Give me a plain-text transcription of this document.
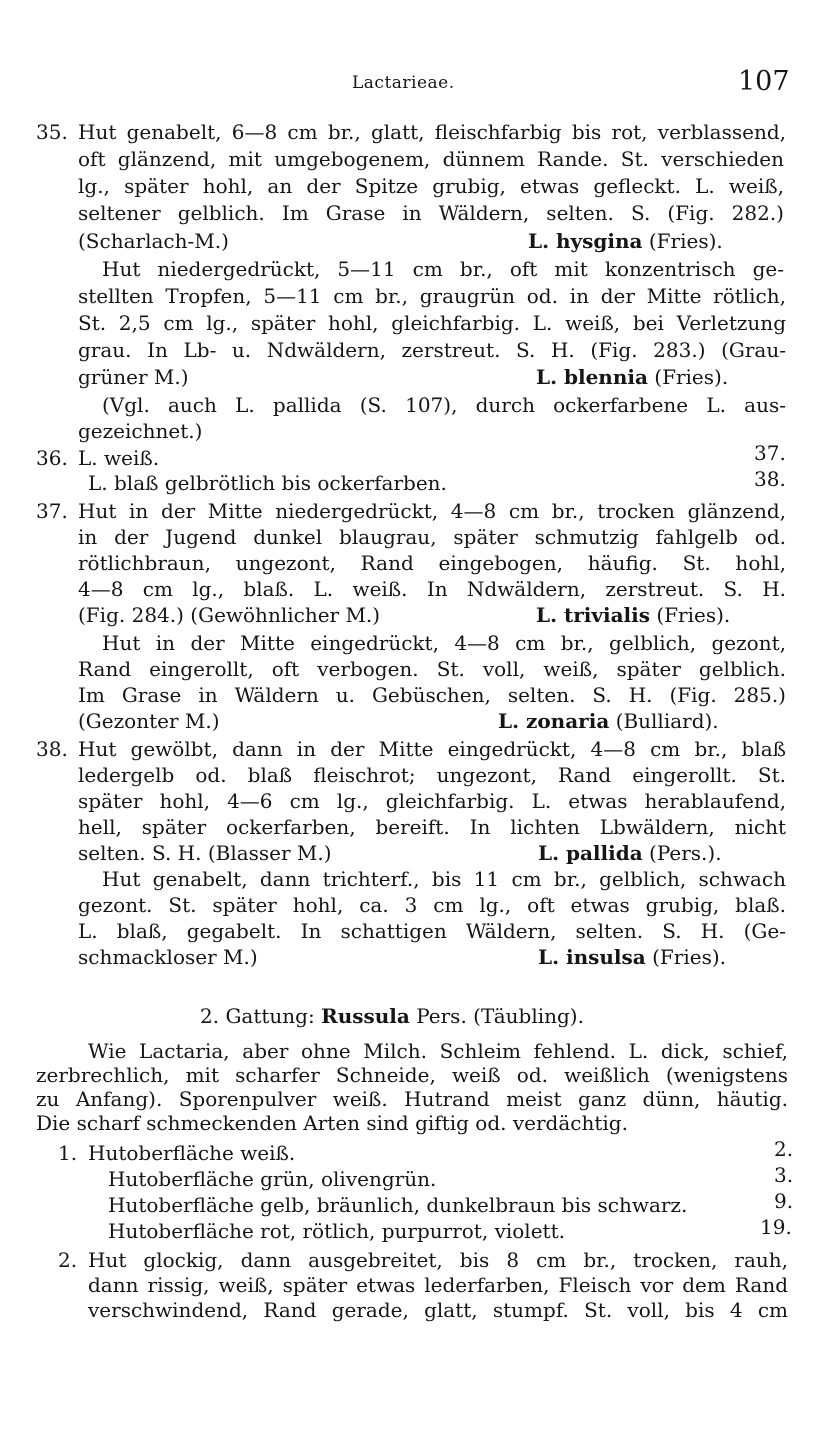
Lactarieae.	107
35. Hut genabelt, 6—8 cm br., glatt, fleischfarbig bis rot, verblassend,
oft glänzend, mit umgebogenem, dünnem Rande. St. verschieden
lg., später hohl, an der Spitze grubig, etwas gefleckt. L. weiß,
seltener gelblich. Im Grase in Wäldern, selten. S. (Fig. 282.)
(Scharlach-M.)	L. hysgina (Fries).
Hut niedergedrückt, 5—11 cm br., oft mit konzentrisch ge-
stellten Tropfen, 5—11 cm br., graugrün od. in der Mitte rötlich,
St. 2,5 cm lg., später hohl, gleichfarbig. L. weiß, bei Verletzung
grau. In Lb- u. Ndwäldern, zerstreut. S. H. (Fig. 283.) (Grau-
grüner M.)	L. blennia (Fries).
(Vgl. auch L. pallida (S. 107), durch ockerfarbene L. aus-
gezeichnet.)
36. L. weiß.	37.
L. blaß gelbrötlich bis ockerfarben.	38.
37. Hut in der Mitte niedergedrückt, 4—8 cm br., trocken glänzend,
in der Jugend dunkel blaugrau, später schmutzig fahlgelb od.
rötlichbraun, ungezont, Rand eingebogen, häufig. St. hohl,
4—8 cm lg., blaß. L. weiß. In Ndwäldern, zerstreut. S. H.
(Fig. 284.) (Gewöhnlicher M.)	L. trivialis (Fries).
Hut in der Mitte eingedrückt, 4—8 cm br., gelblich, gezont,
Rand eingerollt, oft verbogen. St. voll, weiß, später gelblich.
Im Grase in Wäldern u. Gebüschen, selten. S. H. (Fig. 285.)
(Gezonter M.)	L. zonaria (Bulliard).
38. Hut gewölbt, dann in der Mitte eingedrückt, 4—8 cm br., blaß
ledergelb od. blaß fleischrot; ungezont, Rand eingerollt. St.
später hohl, 4—6 cm lg., gleichfarbig. L. etwas herablaufend,
hell, später ockerfarben, bereift. In lichten Lbwäldern, nicht
selten. S. H. (Blasser M.)	L. pallida (Pers.).
Hut genabelt, dann trichterf., bis 11 cm br., gelblich, schwach
gezont. St. später hohl, ca. 3 cm lg., oft etwas grubig, blaß.
L. blaß, gegabelt. In schattigen Wäldern, selten. S. H. (Ge-
schmackloser M.)	L. insulsa (Fries).
2. Gattung: Russula Pers. (Täubling).
Wie Lactaria, aber ohne Milch. Schleim fehlend. L. dick, schief,
zerbrechlich, mit scharfer Schneide, weiß od. weißlich (wenigstens
zu Anfang). Sporenpulver weiß. Hutrand meist ganz dünn, häutig.
Die scharf schmeckenden Arten sind giftig od. verdächtig.
1. Hutoberfläche weiß.	2.
Hutoberfläche grün, olivengrün.	3.
Hutoberfläche gelb, bräunlich, dunkelbraun bis schwarz.	9.
Hutoberfläche rot, rötlich, purpurrot, violett.	19.
2. Hut glockig, dann ausgebreitet, bis 8 cm br., trocken, rauh,
dann rissig, weiß, später etwas lederfarben, Fleisch vor dem Rand
verschwindend, Rand gerade, glatt, stumpf. St. voll, bis 4 cm
